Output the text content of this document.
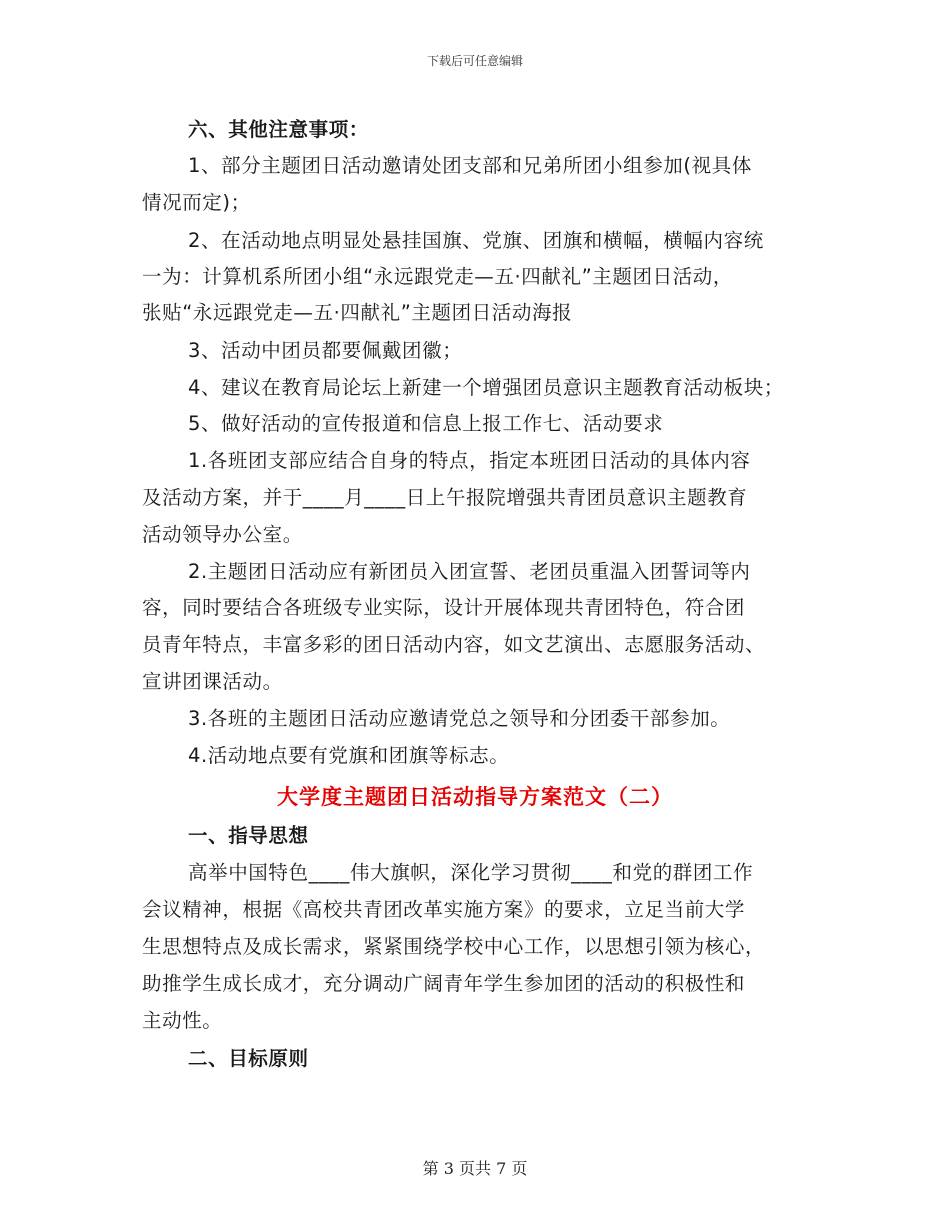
下载后可任意编辑
六、其他注意事项：
1、部分主题团日活动邀请处团支部和兄弟所团小组参加(视具体
情况而定)；
2、在活动地点明显处悬挂国旗、党旗、团旗和横幅，横幅内容统
一为：计算机系所团小组“永远跟党走—五·四献礼”主题团日活动，
张贴“永远跟党走—五·四献礼”主题团日活动海报
3、活动中团员都要佩戴团徽；
4、建议在教育局论坛上新建一个增强团员意识主题教育活动板块；
5、做好活动的宣传报道和信息上报工作七、活动要求
1.各班团支部应结合自身的特点，指定本班团日活动的具体内容
及活动方案，并于____月____日上午报院增强共青团员意识主题教育
活动领导办公室。
2.主题团日活动应有新团员入团宣誓、老团员重温入团誓词等内
容，同时要结合各班级专业实际，设计开展体现共青团特色，符合团
员青年特点，丰富多彩的团日活动内容，如文艺演出、志愿服务活动、
宣讲团课活动。
3.各班的主题团日活动应邀请党总之领导和分团委干部参加。
4.活动地点要有党旗和团旗等标志。
大学度主题团日活动指导方案范文（二）
一、指导思想
高举中国特色____伟大旗帜，深化学习贯彻____和党的群团工作
会议精神，根据《高校共青团改革实施方案》的要求，立足当前大学
生思想特点及成长需求，紧紧围绕学校中心工作，以思想引领为核心，
助推学生成长成才，充分调动广阔青年学生参加团的活动的积极性和
主动性。
二、目标原则
第 3 页共 7 页
